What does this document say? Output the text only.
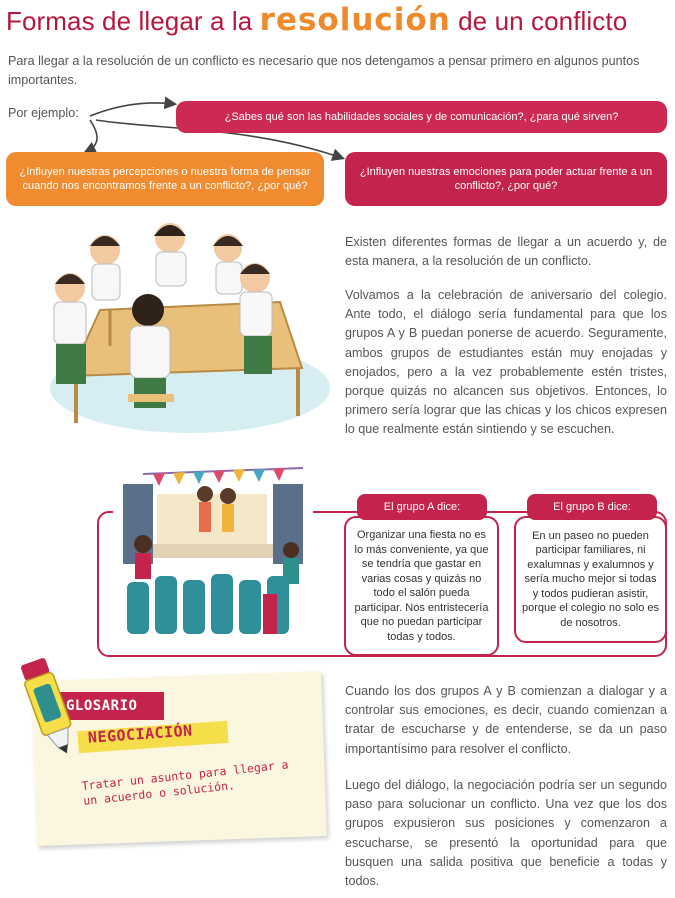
Formas de llegar a la resolución de un conflicto

Para llegar a la resolución de un conflicto es necesario que nos detengamos a pensar primero en algunos puntos importantes.

Por ejemplo:	¿Sabes qué son las habilidades sociales y de comunicación?, ¿para qué sirven?
¿Influyen nuestras percepciones o nuestra forma de pensar cuando nos encontramos frente a un conflicto?, ¿por qué?
¿Influyen nuestras emociones para poder actuar frente a un conflicto?, ¿por qué?

Existen diferentes formas de llegar a un acuerdo y, de esta manera, a la resolución de un conflicto.

Volvamos a la celebración de aniversario del colegio. Ante todo, el diálogo sería fundamental para que los grupos A y B puedan ponerse de acuerdo. Seguramente, ambos grupos de estudiantes están muy enojadas y enojados, pero a la vez probablemente estén tristes, porque quizás no alcancen sus objetivos. Entonces, lo primero sería lograr que las chicas y los chicos expresen lo que realmente están sintiendo y se escuchen.

Organizar una fiesta no es lo más conveniente, ya que se tendría que gastar en varias cosas y quizás no todo el salón pueda participar. Nos entristecería que no puedan participar todas y todos.
El grupo A dice:
En un paseo no pueden participar familiares, ni exalumnas y exalumnos y sería mucho mejor si todas y todos pudieran asistir, porque el colegio no solo es de nosotros.
El grupo B dice:
GLOSARIO
NEGOCIACIÓN
Tratar un asunto para llegar a un acuerdo o solución.

Cuando los dos grupos A y B comienzan a dialogar y a controlar sus emociones, es decir, cuando comienzan a tratar de escucharse y de entenderse, se da un paso importantísimo para resolver el conflicto.

Luego del diálogo, la negociación podría ser un segundo paso para solucionar un conflicto. Una vez que los dos grupos expusieron sus posiciones y comenzaron a escucharse, se presentó la oportunidad para que busquen una salida positiva que beneficie a todas y todos.
